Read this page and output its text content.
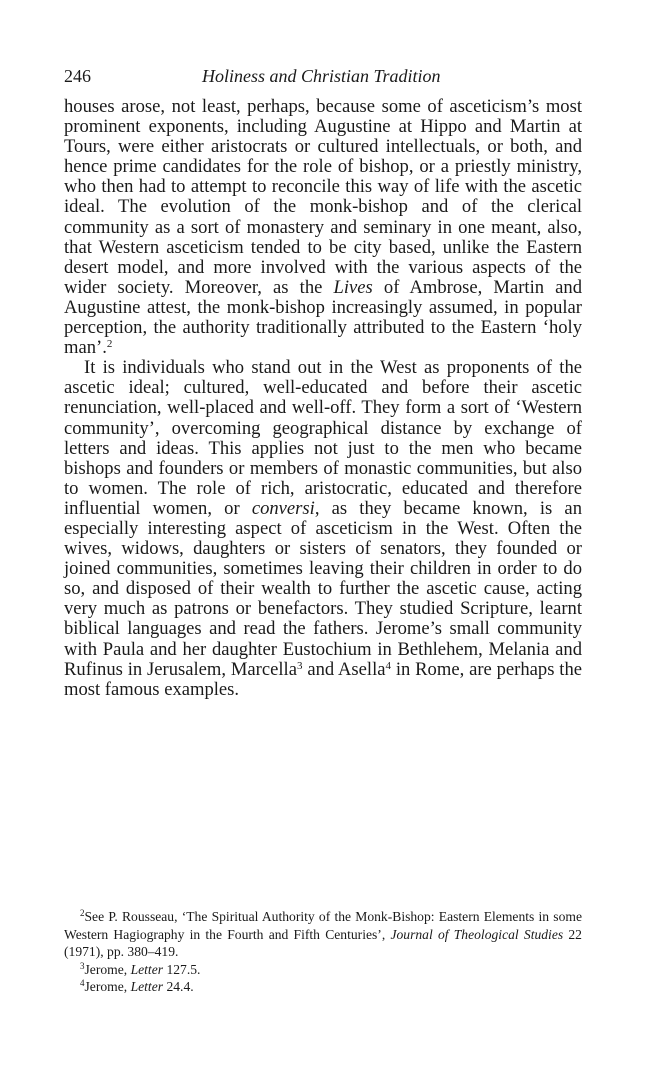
246	Holiness and Christian Tradition

houses arose, not least, perhaps, because some of asceticism’s most prominent exponents, including Augustine at Hippo and Martin at Tours, were either aristocrats or cultured intellectuals, or both, and hence prime candidates for the role of bishop, or a priestly ministry, who then had to attempt to reconcile this way of life with the ascetic ideal. The evolution of the monk-bishop and of the clerical community as a sort of monastery and seminary in one meant, also, that Western asceticism tended to be city based, unlike the Eastern desert model, and more involved with the various aspects of the wider society. Moreover, as the Lives of Ambrose, Martin and Augustine attest, the monk-bishop increasingly assumed, in popular perception, the authority traditionally attributed to the Eastern ‘holy man’.$^2$

It is individuals who stand out in the West as proponents of the ascetic ideal; cultured, well-educated and before their ascetic renunciation, well-placed and well-off. They form a sort of ‘Western community’, overcoming geographical distance by exchange of letters and ideas. This applies not just to the men who became bishops and founders or members of monastic communities, but also to women. The role of rich, aristocratic, educated and therefore influential women, or conversi, as they became known, is an especially interesting aspect of asceticism in the West. Often the wives, widows, daughters or sisters of senators, they founded or joined communities, sometimes leaving their children in order to do so, and disposed of their wealth to further the ascetic cause, acting very much as patrons or benefactors. They studied Scripture, learnt biblical languages and read the fathers. Jerome’s small community with Paula and her daughter Eustochium in Bethlehem, Melania and Rufinus in Jerusalem, Marcella$^3$ and Asella$^4$ in Rome, are perhaps the most famous examples.

$^2$See P. Rousseau, ‘The Spiritual Authority of the Monk-Bishop: Eastern Elements in some Western Hagiography in the Fourth and Fifth Centuries’, Journal of Theological Studies 22 (1971), pp. 380–419.

$^3$Jerome, Letter 127.5.

$^4$Jerome, Letter 24.4.
